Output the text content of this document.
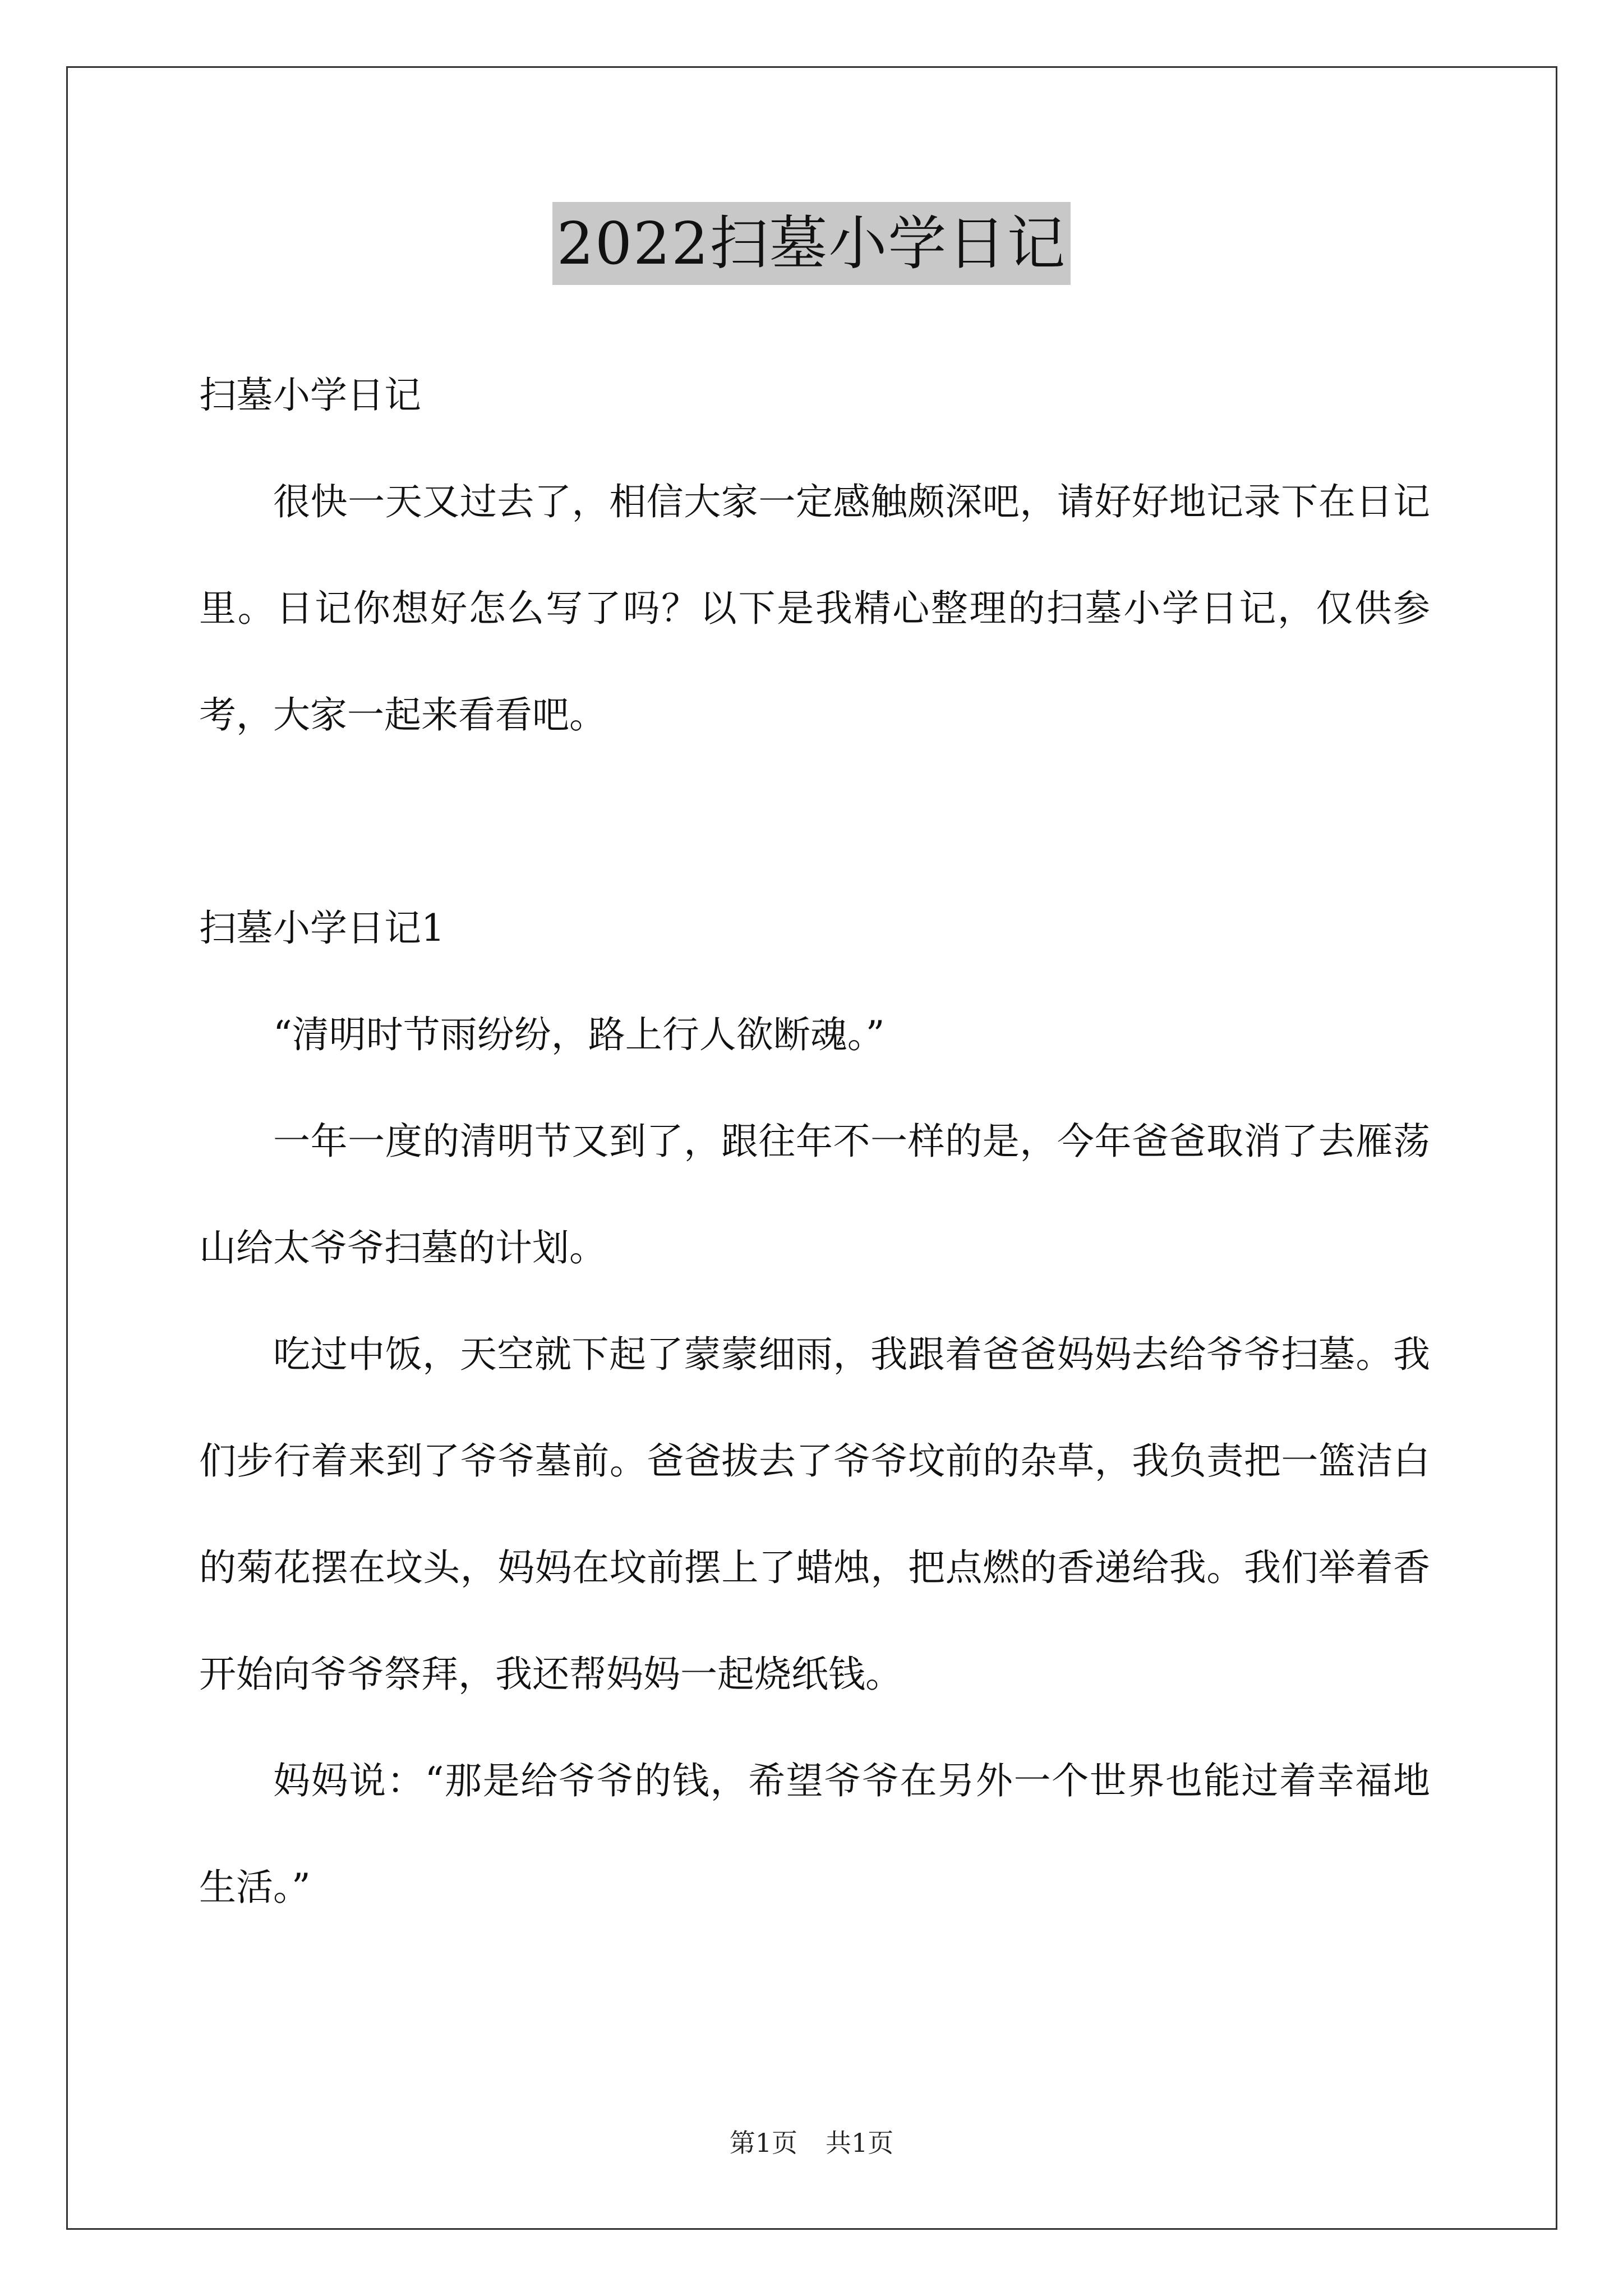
2022扫墓小学日记

扫墓小学日记

很快一天又过去了，相信大家一定感触颇深吧，请好好地记录下在日记里。日记你想好怎么写了吗？以下是我精心整理的扫墓小学日记，仅供参考，大家一起来看看吧。

扫墓小学日记1

“清明时节雨纷纷，路上行人欲断魂。”

一年一度的清明节又到了，跟往年不一样的是，今年爸爸取消了去雁荡山给太爷爷扫墓的计划。

吃过中饭，天空就下起了蒙蒙细雨，我跟着爸爸妈妈去给爷爷扫墓。我们步行着来到了爷爷墓前。爸爸拔去了爷爷坟前的杂草，我负责把一篮洁白的菊花摆在坟头，妈妈在坟前摆上了蜡烛，把点燃的香递给我。我们举着香开始向爷爷祭拜，我还帮妈妈一起烧纸钱。

妈妈说：“那是给爷爷的钱，希望爷爷在另外一个世界也能过着幸福地生活。”

第1页 共1页
